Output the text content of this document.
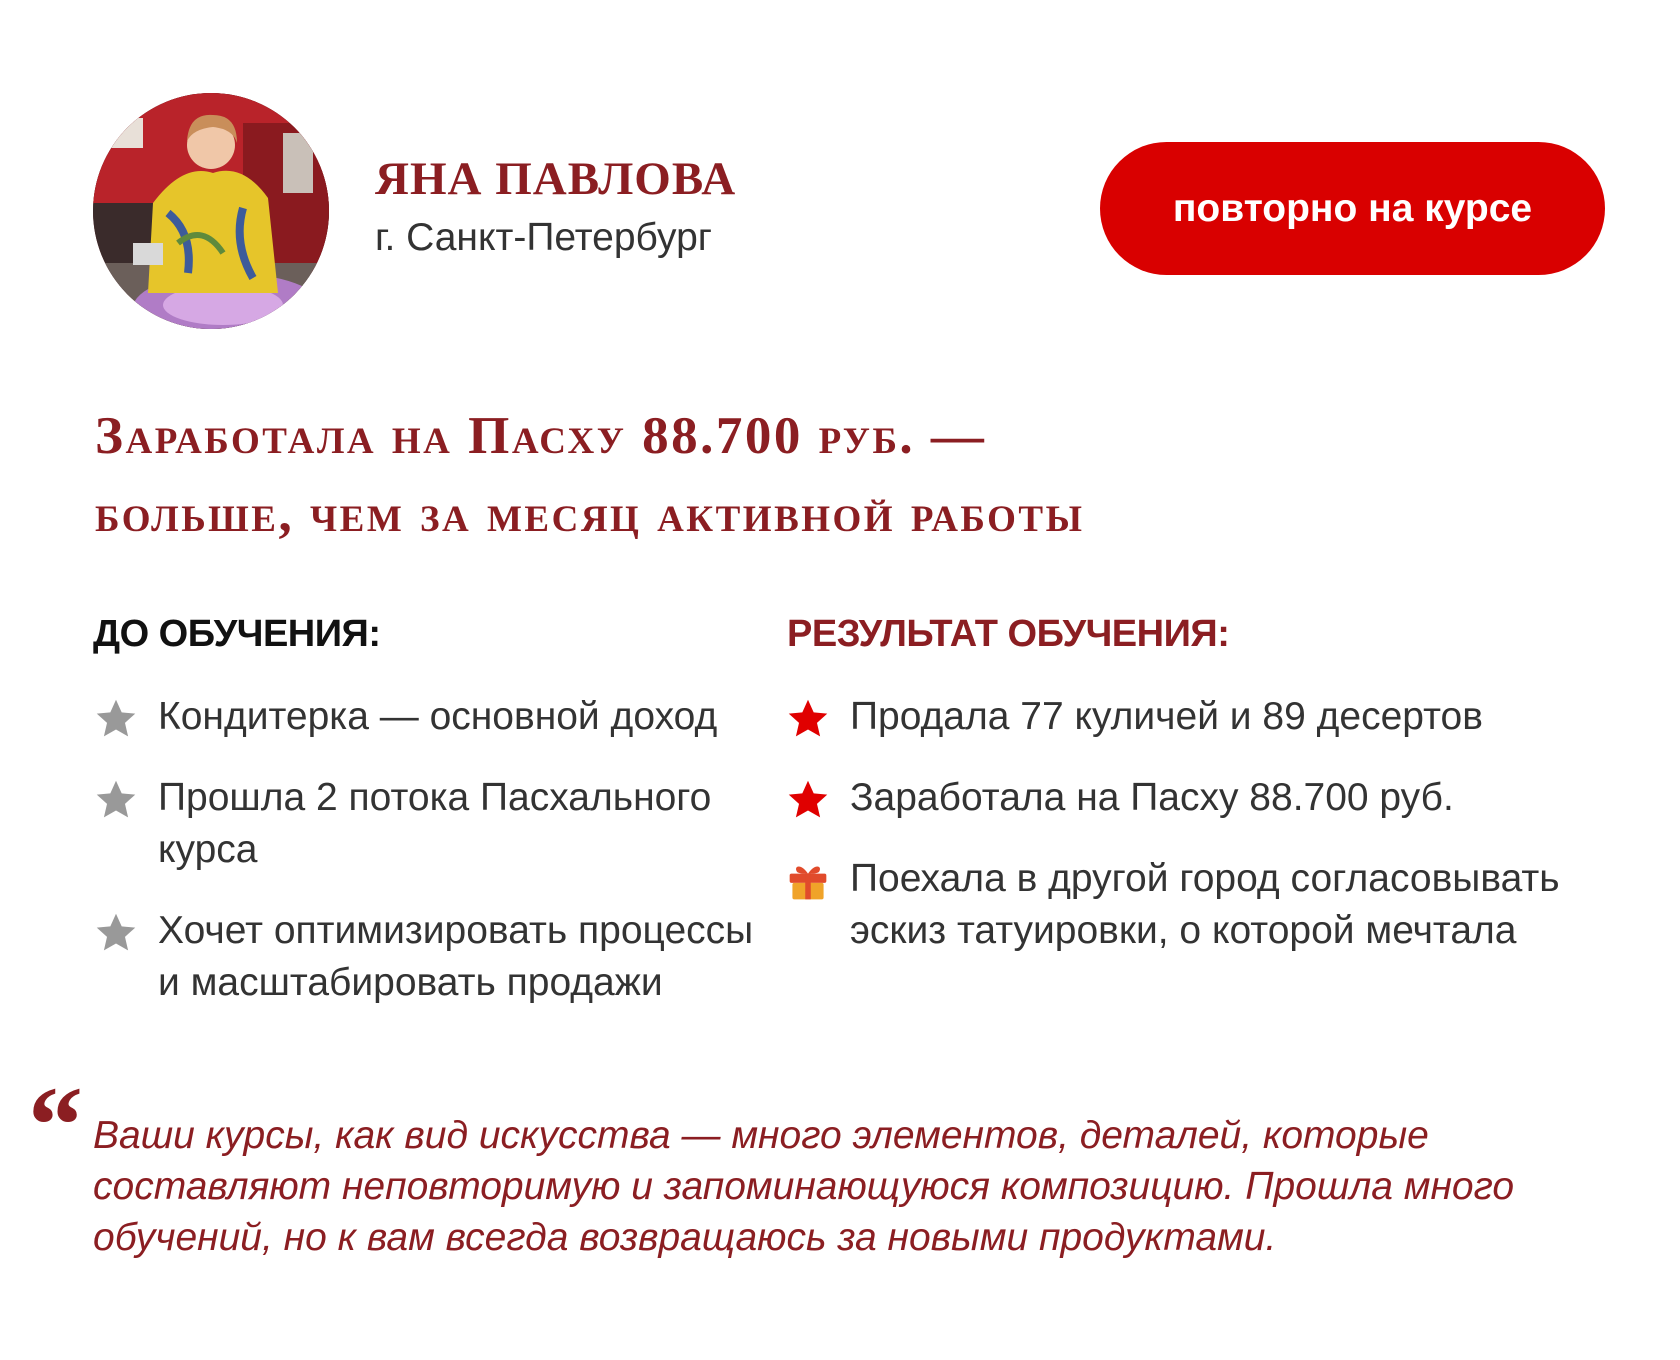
ЯНА ПАВЛОВА
г. Санкт-Петербург
повторно на курсе
Заработала на Пасху 88.700 руб. —
больше, чем за месяц активной работы
ДО ОБУЧЕНИЯ:	РЕЗУЛЬТАТ ОБУЧЕНИЯ:
Кондитерка — основной доход
Прошла 2 потока Пасхального курса
Хочет оптимизировать процессы и масштабировать продажи
Продала 77 куличей и 89 десертов
Заработала на Пасху 88.700 руб.
Поехала в другой город согласовывать эскиз татуировки, о которой мечтала
“ Ваши курсы, как вид искусства — много элементов, деталей, которые составляют неповторимую и запоминающуюся композицию. Прошла много обучений, но к вам всегда возвращаюсь за новыми продуктами.
